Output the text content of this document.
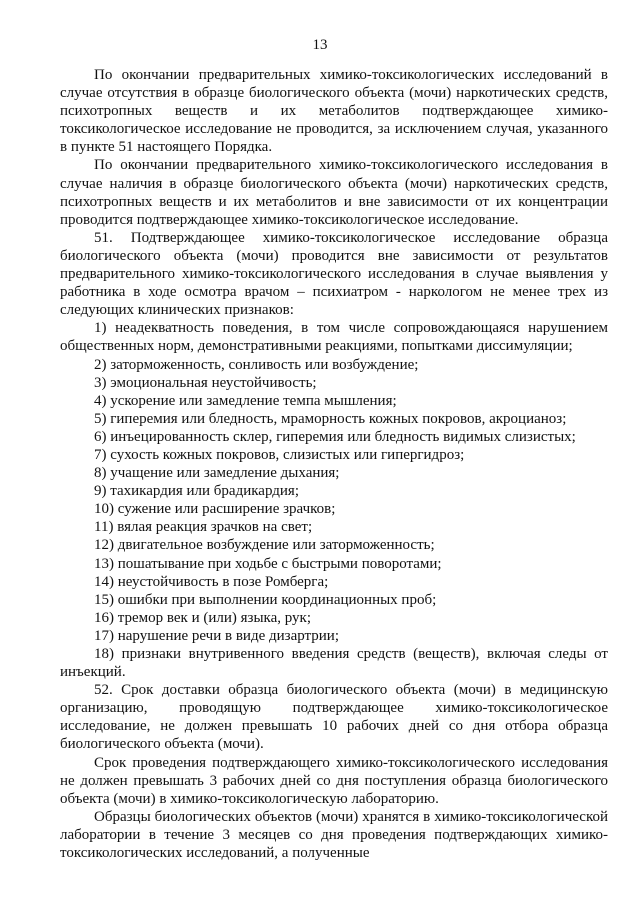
13

По окончании предварительных химико-токсикологических исследований в случае отсутствия в образце биологического объекта (мочи) наркотических средств, психотропных веществ и их метаболитов подтверждающее химико-токсикологическое исследование не проводится, за исключением случая, указанного в пункте 51 настоящего Порядка.

По окончании предварительного химико-токсикологического исследования в случае наличия в образце биологического объекта (мочи) наркотических средств, психотропных веществ и их метаболитов и вне зависимости от их концентрации проводится подтверждающее химико-токсикологическое исследование.

51. Подтверждающее химико-токсикологическое исследование образца биологического объекта (мочи) проводится вне зависимости от результатов предварительного химико-токсикологического исследования в случае выявления у работника в ходе осмотра врачом – психиатром - наркологом не менее трех из следующих клинических признаков:

1) неадекватность поведения, в том числе сопровождающаяся нарушением общественных норм, демонстративными реакциями, попытками диссимуляции;

2) заторможенность, сонливость или возбуждение;

3) эмоциональная неустойчивость;

4) ускорение или замедление темпа мышления;

5) гиперемия или бледность, мраморность кожных покровов, акроцианоз;

6) инъецированность склер, гиперемия или бледность видимых слизистых;

7) сухость кожных покровов, слизистых или гипергидроз;

8) учащение или замедление дыхания;

9) тахикардия или брадикардия;

10) сужение или расширение зрачков;

11) вялая реакция зрачков на свет;

12) двигательное возбуждение или заторможенность;

13) пошатывание при ходьбе с быстрыми поворотами;

14) неустойчивость в позе Ромберга;

15) ошибки при выполнении координационных проб;

16) тремор век и (или) языка, рук;

17) нарушение речи в виде дизартрии;

18) признаки внутривенного введения средств (веществ), включая следы от инъекций.

52. Срок доставки образца биологического объекта (мочи) в медицинскую организацию, проводящую подтверждающее химико-токсикологическое исследование, не должен превышать 10 рабочих дней со дня отбора образца биологического объекта (мочи).

Срок проведения подтверждающего химико-токсикологического исследования не должен превышать 3 рабочих дней со дня поступления образца биологического объекта (мочи) в химико-токсикологическую лабораторию.

Образцы биологических объектов (мочи) хранятся в химико-токсикологической лаборатории в течение 3 месяцев со дня проведения подтверждающих химико-токсикологических исследований, а полученные
